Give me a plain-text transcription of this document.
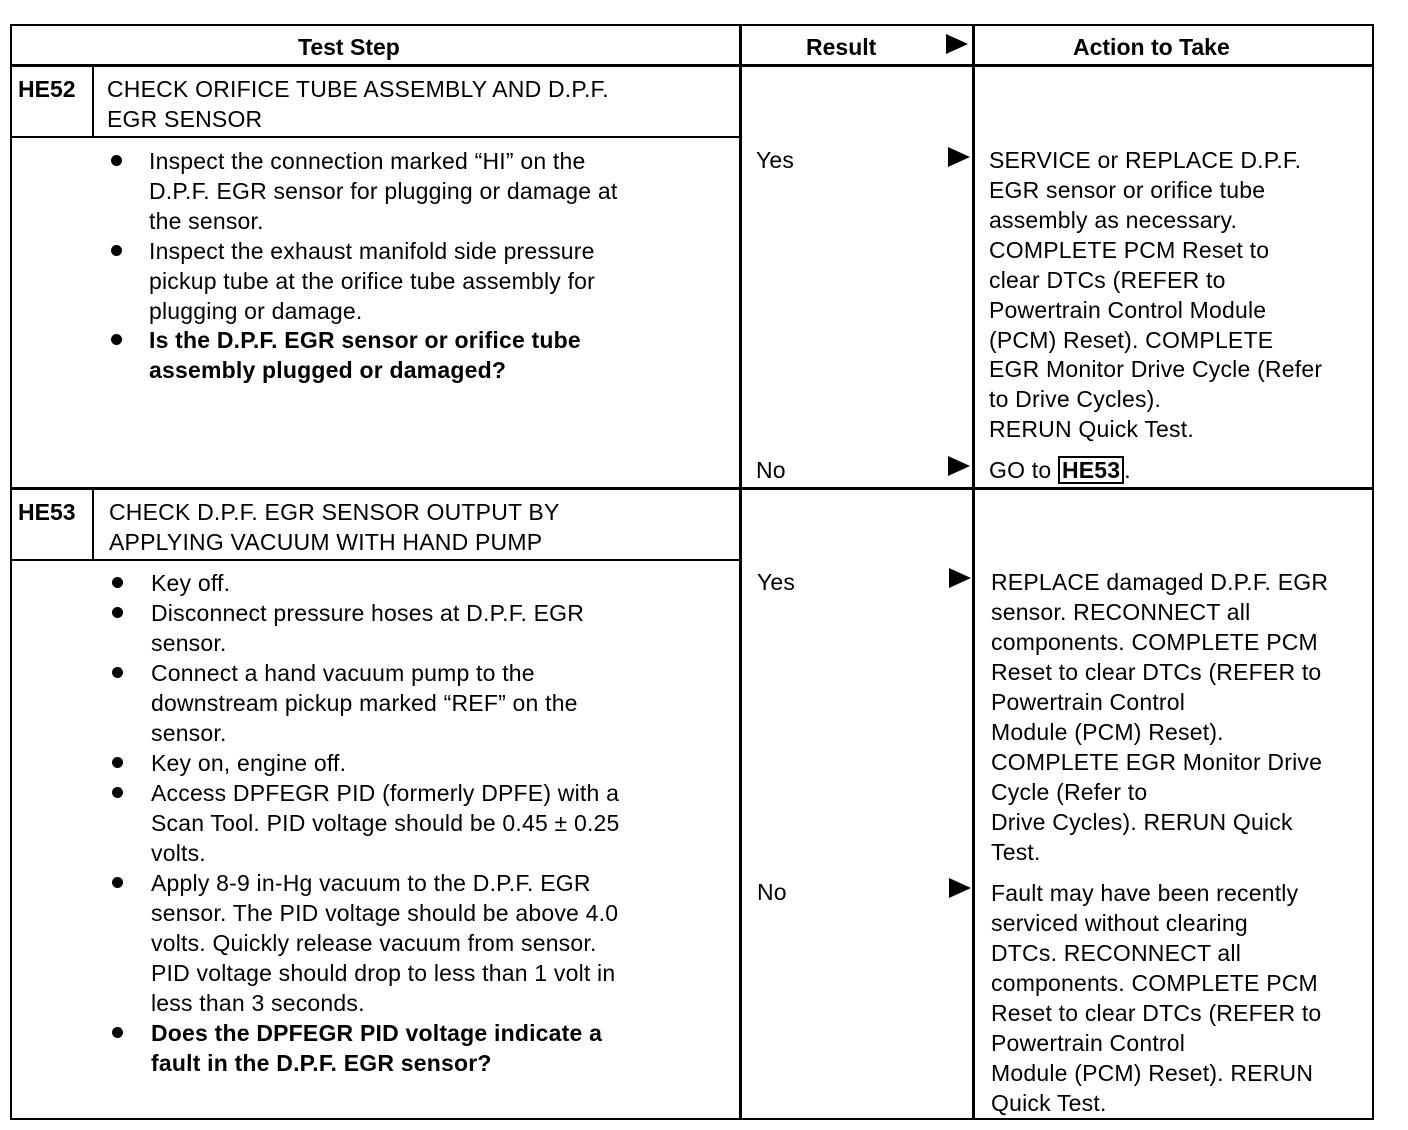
Test Step	Result	Action to Take
HE52 CHECK ORIFICE TUBE ASSEMBLY AND D.P.F.
EGR SENSOR
Inspect the connection marked “HI” on the
D.P.F. EGR sensor for plugging or damage at
the sensor.
Inspect the exhaust manifold side pressure
pickup tube at the orifice tube assembly for
plugging or damage.
Is the D.P.F. EGR sensor or orifice tube
assembly plugged or damaged?
Yes
No
SERVICE or REPLACE D.P.F.
EGR sensor or orifice tube
assembly as necessary.
COMPLETE PCM Reset to
clear DTCs (REFER to
Powertrain Control Module
(PCM) Reset). COMPLETE
EGR Monitor Drive Cycle (Refer
to Drive Cycles).
RERUN Quick Test.
GO to HE53 .
HE53 CHECK D.P.F. EGR SENSOR OUTPUT BY
APPLYING VACUUM WITH HAND PUMP
Key off.
Disconnect pressure hoses at D.P.F. EGR
sensor.
Connect a hand vacuum pump to the
downstream pickup marked “REF” on the
sensor.
Key on, engine off.
Access DPFEGR PID (formerly DPFE) with a
Scan Tool. PID voltage should be 0.45 ± 0.25
volts.
Apply 8-9 in-Hg vacuum to the D.P.F. EGR
sensor. The PID voltage should be above 4.0
volts. Quickly release vacuum from sensor.
PID voltage should drop to less than 1 volt in
less than 3 seconds.
Does the DPFEGR PID voltage indicate a
fault in the D.P.F. EGR sensor?
Yes
No
REPLACE damaged D.P.F. EGR
sensor. RECONNECT all
components. COMPLETE PCM
Reset to clear DTCs (REFER to
Powertrain Control
Module (PCM) Reset).
COMPLETE EGR Monitor Drive
Cycle (Refer to
Drive Cycles). RERUN Quick
Test.
Fault may have been recently
serviced without clearing
DTCs. RECONNECT all
components. COMPLETE PCM
Reset to clear DTCs (REFER to
Powertrain Control
Module (PCM) Reset). RERUN
Quick Test.
